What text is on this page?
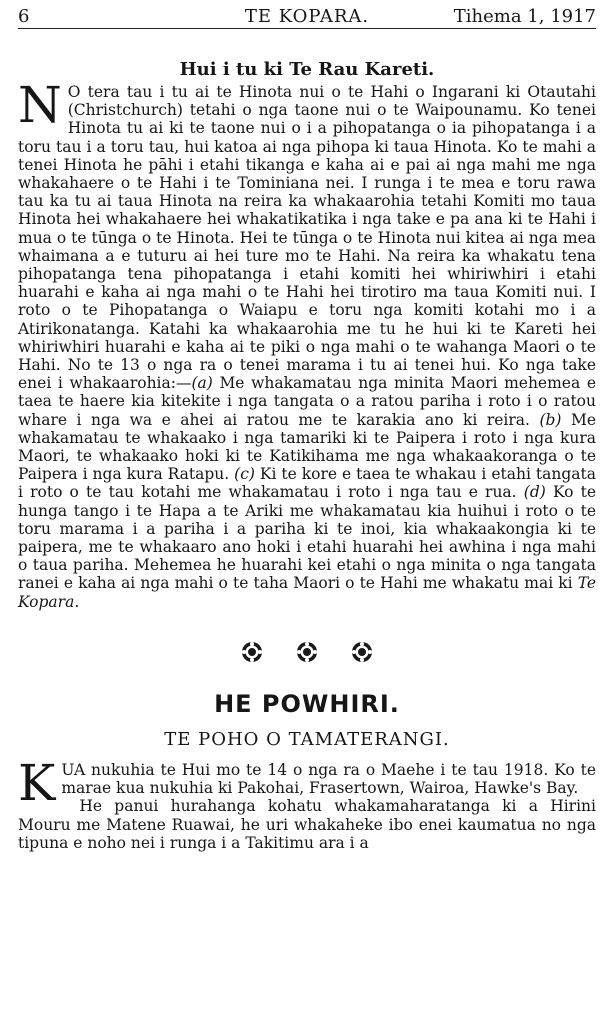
6	TE KOPARA.	Tihema 1, 1917
Hui i tu ki Te Rau Kareti.
N O tera tau i tu ai te Hinota nui o te Hahi o Ingarani ki Otautahi (Christchurch) tetahi o nga taone nui o te Waipounamu. Ko tenei Hinota tu ai ki te taone nui o i a pihopatanga o ia pihopatanga i a toru tau i a toru tau, hui katoa ai nga pihopa ki taua Hinota. Ko te mahi a tenei Hinota he pāhi i etahi tikanga e kaha ai e pai ai nga mahi me nga whakahaere o te Hahi i te Tominiana nei. I runga i te mea e toru rawa tau ka tu ai taua Hinota na reira ka whakaarohia tetahi Komiti mo taua Hinota hei whakahaere hei whakatikatika i nga take e pa ana ki te Hahi i mua o te tūnga o te Hinota. Hei te tūnga o te Hinota nui kitea ai nga mea whaimana a e tuturu ai hei ture mo te Hahi. Na reira ka whakatu tena pihopatanga tena pihopatanga i etahi komiti hei whiriwhiri i etahi huarahi e kaha ai nga mahi o te Hahi hei tirotiro ma taua Komiti nui. I roto o te Pihopatanga o Waiapu e toru nga komiti kotahi mo i a Atirikonatanga. Katahi ka whakaarohia me tu he hui ki te Kareti hei whiriwhiri huarahi e kaha ai te piki o nga mahi o te wahanga Maori o te Hahi. No te 13 o nga ra o tenei marama i tu ai tenei hui. Ko nga take enei i whakaarohia:—(a) Me whakamatau nga minita Maori mehemea e taea te haere kia kitekite i nga tangata o a ratou pariha i roto i o ratou whare i nga wa e ahei ai ratou me te karakia ano ki reira. (b) Me whakamatau te whakaako i nga tamariki ki te Paipera i roto i nga kura Maori, te whakaako hoki ki te Katikihama me nga whakaakoranga o te Paipera i nga kura Ratapu. (c) Ki te kore e taea te whakau i etahi tangata i roto o te tau kotahi me whakamatau i roto i nga tau e rua. (d) Ko te hunga tango i te Hapa a te Ariki me whakamatau kia huihui i roto o te toru marama i a pariha i a pariha ki te inoi, kia whakaakongia ki te paipera, me te whakaaro ano hoki i etahi huarahi hei awhina i nga mahi o taua pariha. Mehemea he huarahi kei etahi o nga minita o nga tangata ranei e kaha ai nga mahi o te taha Maori o te Hahi me whakatu mai ki Te Kopara.

HE POWHIRI.
TE POHO O TAMATERANGI.
K UA nukuhia te Hui mo te 14 o nga ra o Maehe i te tau 1918. Ko te marae kua nukuhia ki Pakohai, Frasertown, Wairoa, Hawke's Bay.
He panui hurahanga kohatu whakamaharatanga ki a Hirini Mouru me Matene Ruawai, he uri whakaheke ibo enei kaumatua no nga tipuna e noho nei i runga i a Takitimu ara i a
